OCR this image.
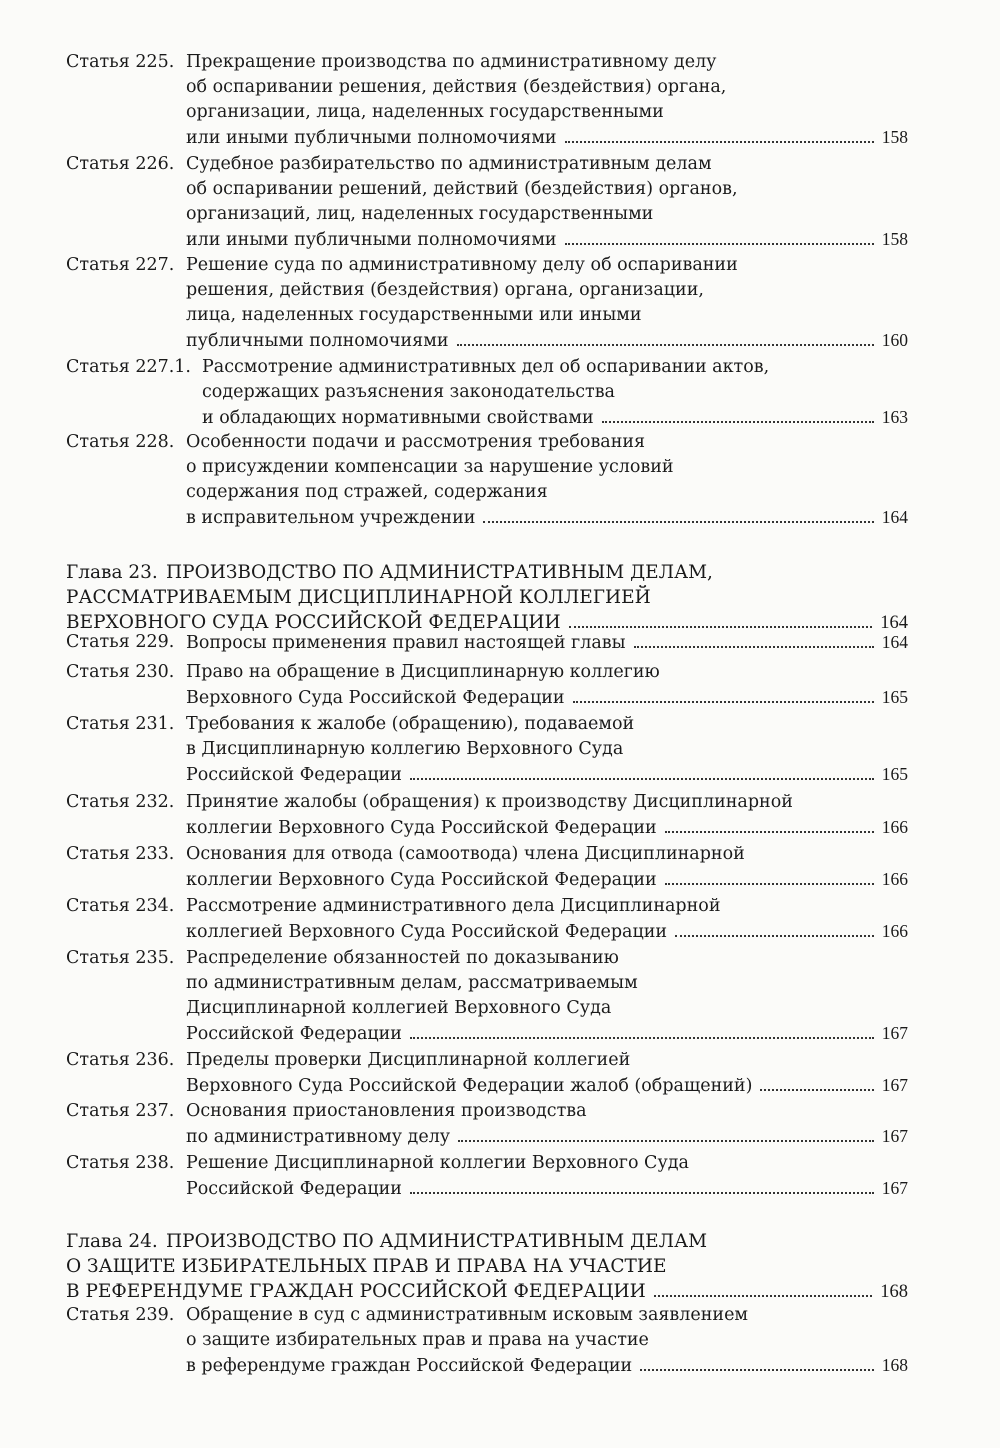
Статья 225. Прекращение производства по административному делу
об оспаривании решения, действия (бездействия) органа,
организации, лица, наделенных государственными
или иными публичными полномочиями	158
Статья 226. Судебное разбирательство по административным делам
об оспаривании решений, действий (бездействия) органов,
организаций, лиц, наделенных государственными
или иными публичными полномочиями	158
Статья 227. Решение суда по административному делу об оспаривании
решения, действия (бездействия) органа, организации,
лица, наделенных государственными или иными
публичными полномочиями	160
Статья 227.1. Рассмотрение административных дел об оспаривании актов,
содержащих разъяснения законодательства
и обладающих нормативными свойствами	163
Статья 228. Особенности подачи и рассмотрения требования
о присуждении компенсации за нарушение условий
содержания под стражей, содержания
в исправительном учреждении	164
Глава 23. ПРОИЗВОДСТВО ПО АДМИНИСТРАТИВНЫМ ДЕЛАМ,
РАССМАТРИВАЕМЫМ ДИСЦИПЛИНАРНОЙ КОЛЛЕГИЕЙ
ВЕРХОВНОГО СУДА РОССИЙСКОЙ ФЕДЕРАЦИИ	164
Статья 229. Вопросы применения правил настоящей главы	164
Статья 230. Право на обращение в Дисциплинарную коллегию
Верховного Суда Российской Федерации	165
Статья 231. Требования к жалобе (обращению), подаваемой
в Дисциплинарную коллегию Верховного Суда
Российской Федерации	165
Статья 232. Принятие жалобы (обращения) к производству Дисциплинарной
коллегии Верховного Суда Российской Федерации	166
Статья 233. Основания для отвода (самоотвода) члена Дисциплинарной
коллегии Верховного Суда Российской Федерации	166
Статья 234. Рассмотрение административного дела Дисциплинарной
коллегией Верховного Суда Российской Федерации	166
Статья 235. Распределение обязанностей по доказыванию
по административным делам, рассматриваемым
Дисциплинарной коллегией Верховного Суда
Российской Федерации	167
Статья 236. Пределы проверки Дисциплинарной коллегией
Верховного Суда Российской Федерации жалоб (обращений)	167
Статья 237. Основания приостановления производства
по административному делу	167
Статья 238. Решение Дисциплинарной коллегии Верховного Суда
Российской Федерации	167
Глава 24. ПРОИЗВОДСТВО ПО АДМИНИСТРАТИВНЫМ ДЕЛАМ
О ЗАЩИТЕ ИЗБИРАТЕЛЬНЫХ ПРАВ И ПРАВА НА УЧАСТИЕ
В РЕФЕРЕНДУМЕ ГРАЖДАН РОССИЙСКОЙ ФЕДЕРАЦИИ	168
Статья 239. Обращение в суд с административным исковым заявлением
о защите избирательных прав и права на участие
в референдуме граждан Российской Федерации	168
